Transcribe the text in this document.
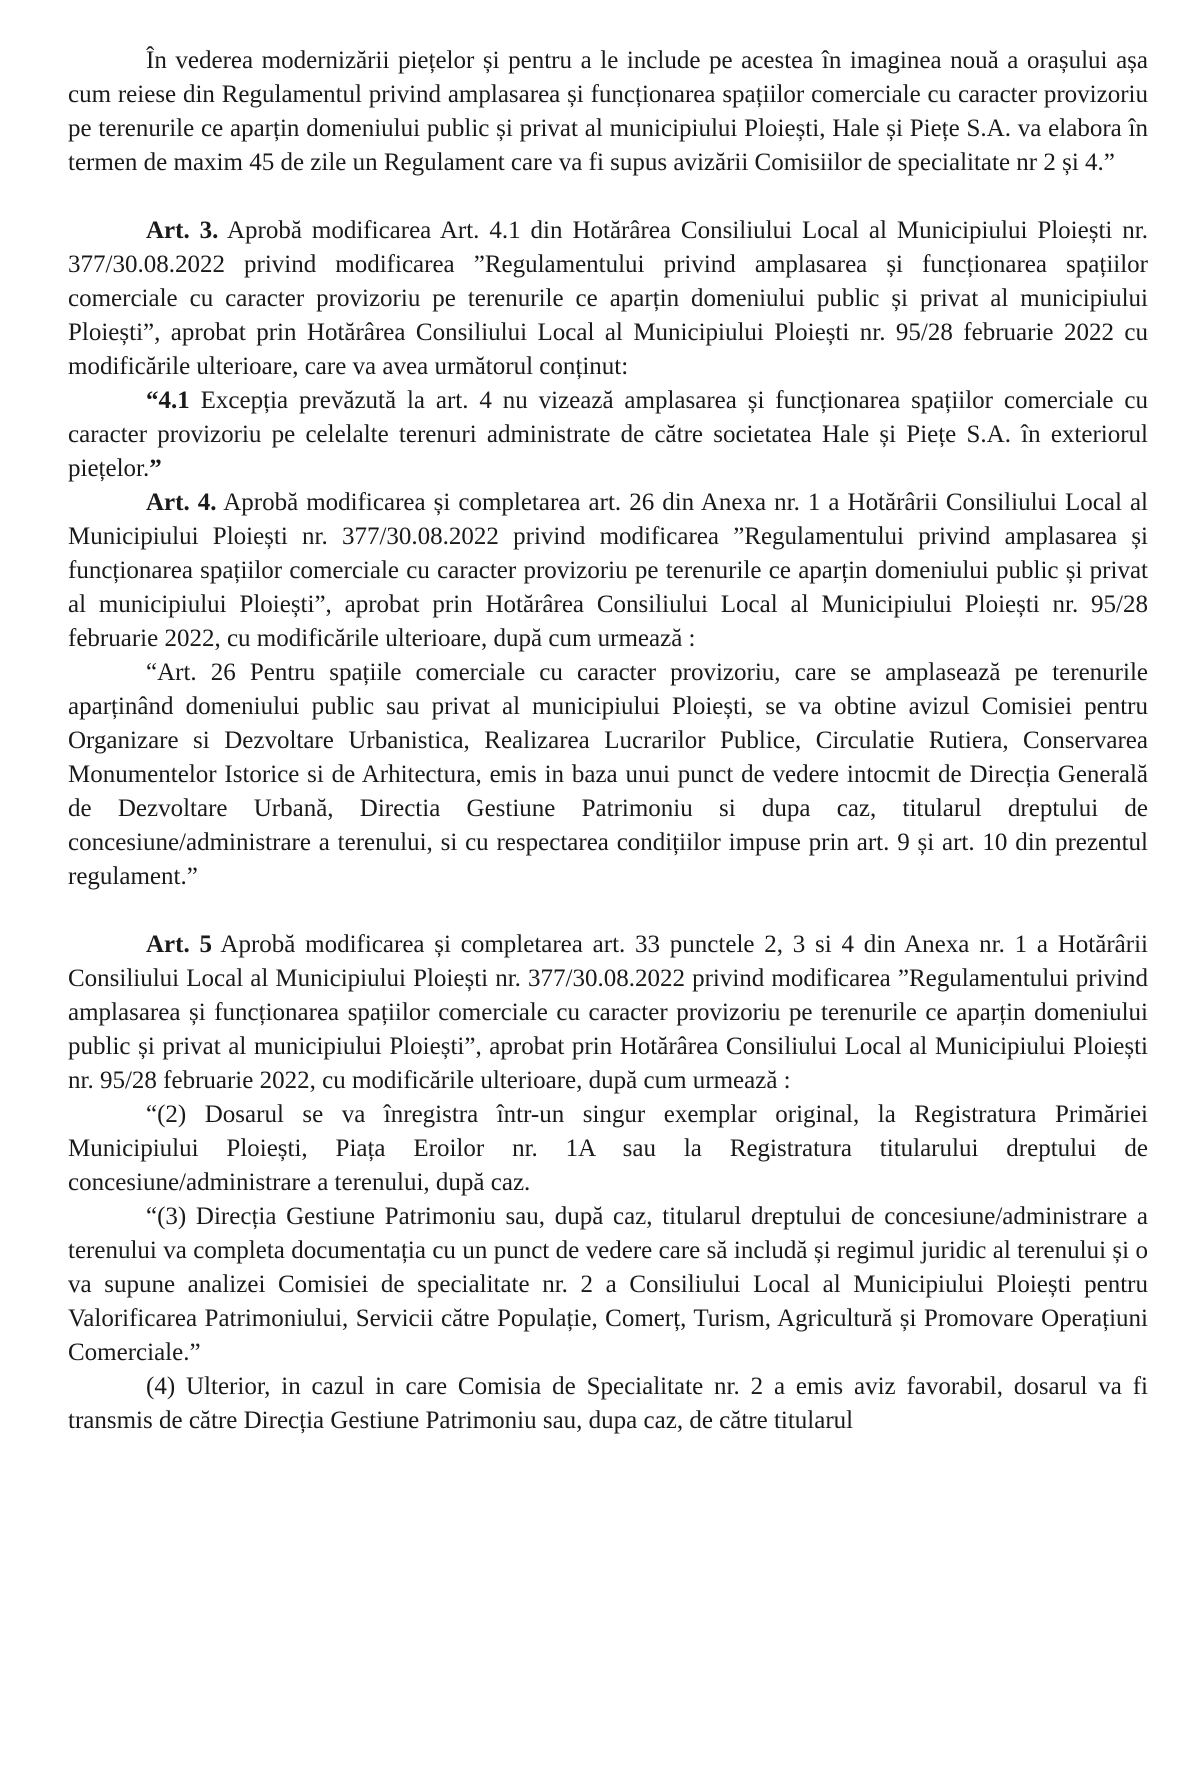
În vederea modernizării piețelor și pentru a le include pe acestea în imaginea nouă a orașului așa cum reiese din Regulamentul privind amplasarea și funcționarea spațiilor comerciale cu caracter provizoriu pe terenurile ce aparțin domeniului public și privat al municipiului Ploiești, Hale și Piețe S.A. va elabora în termen de maxim 45 de zile un Regulament care va fi supus avizării Comisiilor de specialitate nr 2 și 4.”

Art. 3. Aprobă modificarea Art. 4.1 din Hotărârea Consiliului Local al Municipiului Ploiești nr. 377/30.08.2022 privind modificarea ”Regulamentului privind amplasarea și funcționarea spațiilor comerciale cu caracter provizoriu pe terenurile ce aparțin domeniului public și privat al municipiului Ploiești”, aprobat prin Hotărârea Consiliului Local al Municipiului Ploiești nr. 95/28 februarie 2022 cu modificările ulterioare, care va avea următorul conținut:

“4.1 Excepția prevăzută la art. 4 nu vizează amplasarea și funcționarea spațiilor comerciale cu caracter provizoriu pe celelalte terenuri administrate de către societatea Hale și Piețe S.A. în exteriorul piețelor.”

Art. 4. Aprobă modificarea și completarea art. 26 din Anexa nr. 1 a Hotărârii Consiliului Local al Municipiului Ploiești nr. 377/30.08.2022 privind modificarea ”Regulamentului privind amplasarea și funcționarea spațiilor comerciale cu caracter provizoriu pe terenurile ce aparțin domeniului public și privat al municipiului Ploiești”, aprobat prin Hotărârea Consiliului Local al Municipiului Ploiești nr. 95/28 februarie 2022, cu modificările ulterioare, după cum urmează :

“Art. 26 Pentru spațiile comerciale cu caracter provizoriu, care se amplasează pe terenurile aparținând domeniului public sau privat al municipiului Ploiești, se va obtine avizul Comisiei pentru Organizare si Dezvoltare Urbanistica, Realizarea Lucrarilor Publice, Circulatie Rutiera, Conservarea Monumentelor Istorice si de Arhitectura, emis in baza unui punct de vedere intocmit de Direcția Generală de Dezvoltare Urbană, Directia Gestiune Patrimoniu si dupa caz, titularul dreptului de concesiune/administrare a terenului, si cu respectarea condițiilor impuse prin art. 9 și art. 10 din prezentul regulament.”

Art. 5 Aprobă modificarea și completarea art. 33 punctele 2, 3 si 4 din Anexa nr. 1 a Hotărârii Consiliului Local al Municipiului Ploiești nr. 377/30.08.2022 privind modificarea ”Regulamentului privind amplasarea și funcționarea spațiilor comerciale cu caracter provizoriu pe terenurile ce aparțin domeniului public și privat al municipiului Ploiești”, aprobat prin Hotărârea Consiliului Local al Municipiului Ploiești nr. 95/28 februarie 2022, cu modificările ulterioare, după cum urmează :

“(2) Dosarul se va înregistra într-un singur exemplar original, la Registratura Primăriei Municipiului Ploiești, Piața Eroilor nr. 1A sau la Registratura titularului dreptului de concesiune/administrare a terenului, după caz.

“(3) Direcția Gestiune Patrimoniu sau, după caz, titularul dreptului de concesiune/administrare a terenului va completa documentația cu un punct de vedere care să includă și regimul juridic al terenului și o va supune analizei Comisiei de specialitate nr. 2 a Consiliului Local al Municipiului Ploiești pentru Valorificarea Patrimoniului, Servicii către Populație, Comerț, Turism, Agricultură și Promovare Operațiuni Comerciale.”

(4) Ulterior, in cazul in care Comisia de Specialitate nr. 2 a emis aviz favorabil, dosarul va fi transmis de către Direcția Gestiune Patrimoniu sau, dupa caz, de către titularul
